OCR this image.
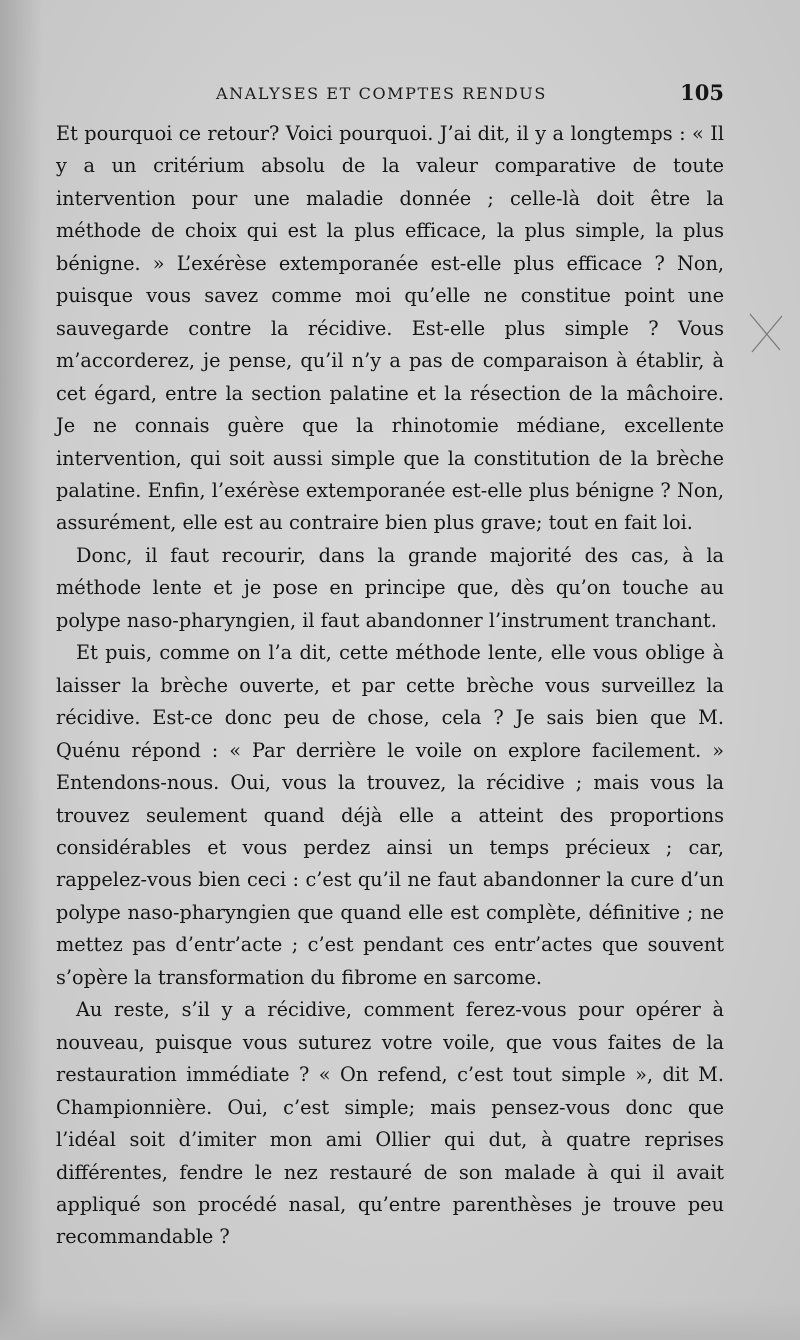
ANALYSES ET COMPTES RENDUS	105

Et pourquoi ce retour? Voici pourquoi. J’ai dit, il y a longtemps : « Il y a un critérium absolu de la valeur comparative de toute intervention pour une maladie donnée ; celle-là doit être la méthode de choix qui est la plus efficace, la plus simple, la plus bénigne. » L’exérèse extemporanée est-elle plus efficace ? Non, puisque vous savez comme moi qu’elle ne constitue point une sauvegarde contre la récidive. Est-elle plus simple ? Vous m’accorderez, je pense, qu’il n’y a pas de comparaison à établir, à cet égard, entre la section palatine et la résection de la mâchoire. Je ne connais guère que la rhinotomie médiane, excellente intervention, qui soit aussi simple que la constitution de la brèche palatine. Enfin, l’exérèse extemporanée est-elle plus bénigne ? Non, assurément, elle est au contraire bien plus grave; tout en fait loi.

Donc, il faut recourir, dans la grande majorité des cas, à la méthode lente et je pose en principe que, dès qu’on touche au polype naso-pharyngien, il faut abandonner l’instrument tranchant.

Et puis, comme on l’a dit, cette méthode lente, elle vous oblige à laisser la brèche ouverte, et par cette brèche vous surveillez la récidive. Est-ce donc peu de chose, cela ? Je sais bien que M. Quénu répond : « Par derrière le voile on explore facilement. » Entendons-nous. Oui, vous la trouvez, la récidive ; mais vous la trouvez seulement quand déjà elle a atteint des proportions considérables et vous perdez ainsi un temps précieux ; car, rappelez-vous bien ceci : c’est qu’il ne faut abandonner la cure d’un polype naso-pharyngien que quand elle est complète, définitive ; ne mettez pas d’entr’acte ; c’est pendant ces entr’actes que souvent s’opère la transformation du fibrome en sarcome.

Au reste, s’il y a récidive, comment ferez-vous pour opérer à nouveau, puisque vous suturez votre voile, que vous faites de la restauration immédiate ? « On refend, c’est tout simple », dit M. Championnière. Oui, c’est simple; mais pensez-vous donc que l’idéal soit d’imiter mon ami Ollier qui dut, à quatre reprises différentes, fendre le nez restauré de son malade à qui il avait appliqué son procédé nasal, qu’entre parenthèses je trouve peu recommandable ?
